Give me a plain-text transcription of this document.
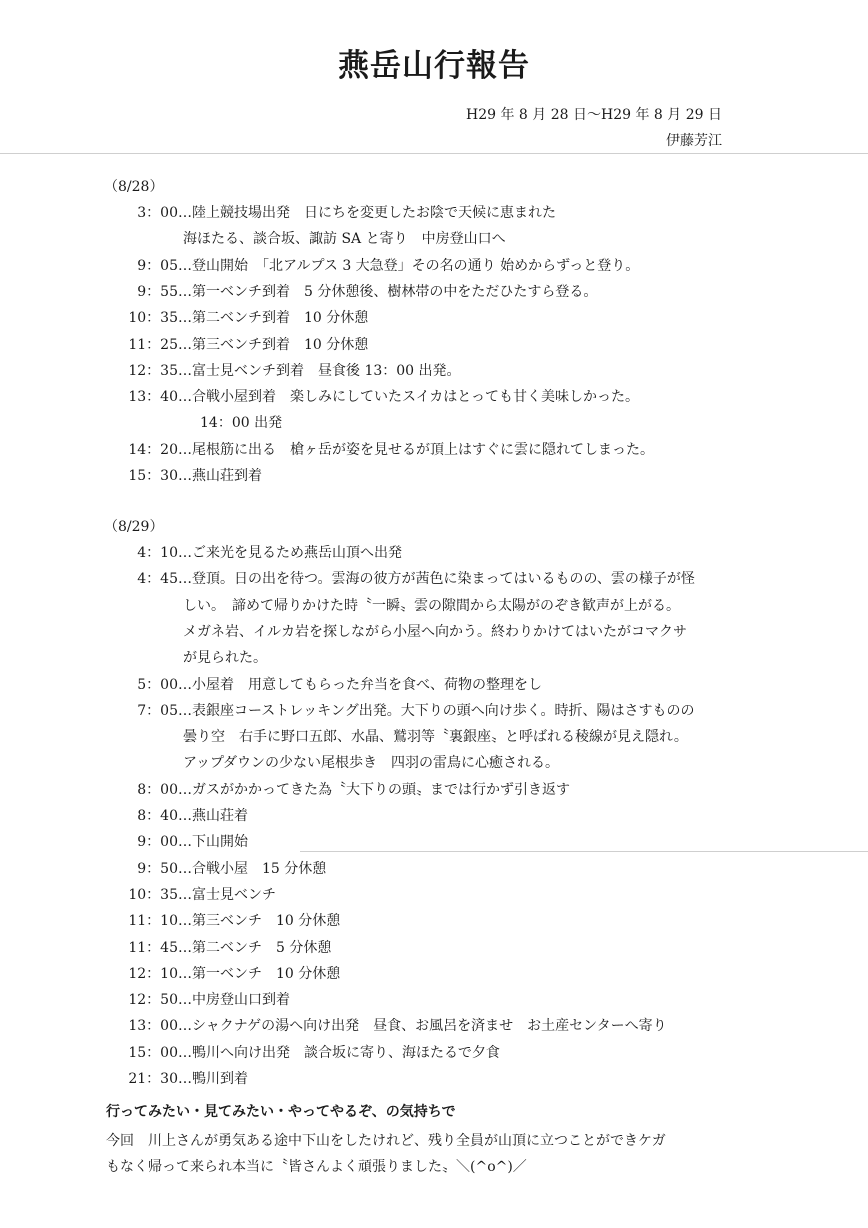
燕岳山行報告
H29 年 8 月 28 日〜H29 年 8 月 29 日
伊藤芳江
（8/28）
3：00…陸上競技場出発　日にちを変更したお陰で天候に恵まれた
海ほたる、談合坂、諏訪 SA と寄り　中房登山口へ
9：05…登山開始　「北アルプス 3 大急登」その名の通り 始めからずっと登り。
9：55…第一ベンチ到着　5 分休憩後、樹林帯の中をただひたすら登る。
10：35…第二ベンチ到着　10 分休憩
11：25…第三ベンチ到着　10 分休憩
12：35…富士見ベンチ到着　昼食後 13：00 出発。
13：40…合戦小屋到着　楽しみにしていたスイカはとっても甘く美味しかった。
14：00 出発
14：20…尾根筋に出る　槍ヶ岳が姿を見せるが頂上はすぐに雲に隠れてしまった。
15：30…燕山荘到着
（8/29）
4：10…ご来光を見るため燕岳山頂へ出発
4：45…登頂。日の出を待つ。雲海の彼方が茜色に染まってはいるものの、雲の様子が怪
しい。　諦めて帰りかけた時〝一瞬〟雲の隙間から太陽がのぞき歓声が上がる。
メガネ岩、イルカ岩を探しながら小屋へ向かう。終わりかけてはいたがコマクサ
が見られた。
5：00…小屋着　用意してもらった弁当を食べ、荷物の整理をし
7：05…表銀座コーストレッキング出発。大下りの頭へ向け歩く。時折、陽はさすものの
曇り空　右手に野口五郎、水晶、鷲羽等〝裏銀座〟と呼ばれる稜線が見え隠れ。
アップダウンの少ない尾根歩き　四羽の雷鳥に心癒される。
8：00…ガスがかかってきた為〝大下りの頭〟までは行かず引き返す
8：40…燕山荘着
9：00…下山開始
9：50…合戦小屋　15 分休憩
10：35…富士見ベンチ
11：10…第三ベンチ　10 分休憩
11：45…第二ベンチ　5 分休憩
12：10…第一ベンチ　10 分休憩
12：50…中房登山口到着
13：00…シャクナゲの湯へ向け出発　昼食、お風呂を済ませ　お土産センターへ寄り
15：00…鴨川へ向け出発　談合坂に寄り、海ほたるで夕食
21：30…鴨川到着
行ってみたい・見てみたい・やってやるぞ、の気持ちで
今回　川上さんが勇気ある途中下山をしたけれど、残り全員が山頂に立つことができケガ
もなく帰って来られ本当に〝皆さんよく頑張りました〟＼(^o^)／
